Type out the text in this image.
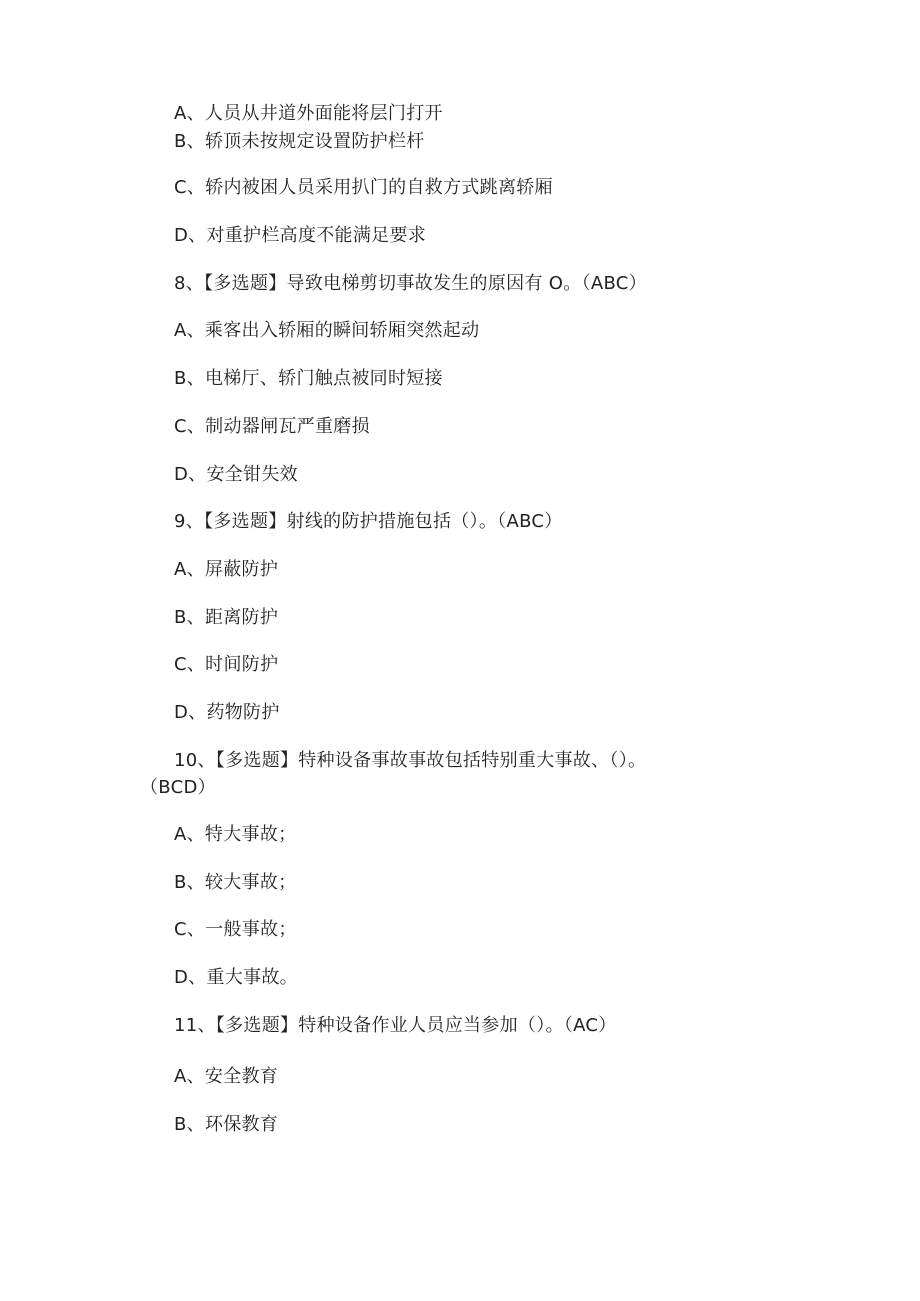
A、人员从井道外面能将层门打开
B、轿顶未按规定设置防护栏杆
C、轿内被困人员采用扒门的自救方式跳离轿厢
D、对重护栏高度不能满足要求
8、【多选题】导致电梯剪切事故发生的原因有 O。（ABC）
A、乘客出入轿厢的瞬间轿厢突然起动
B、电梯厅、轿门触点被同时短接
C、制动器闸瓦严重磨损
D、安全钳失效
9、【多选题】射线的防护措施包括（）。（ABC）
A、屏蔽防护
B、距离防护
C、时间防护
D、药物防护
10、【多选题】特种设备事故事故包括特别重大事故、（）。
（BCD）
A、特大事故；
B、较大事故；
C、一般事故；
D、重大事故。
11、【多选题】特种设备作业人员应当参加（）。（AC）
A、安全教育
B、环保教育
